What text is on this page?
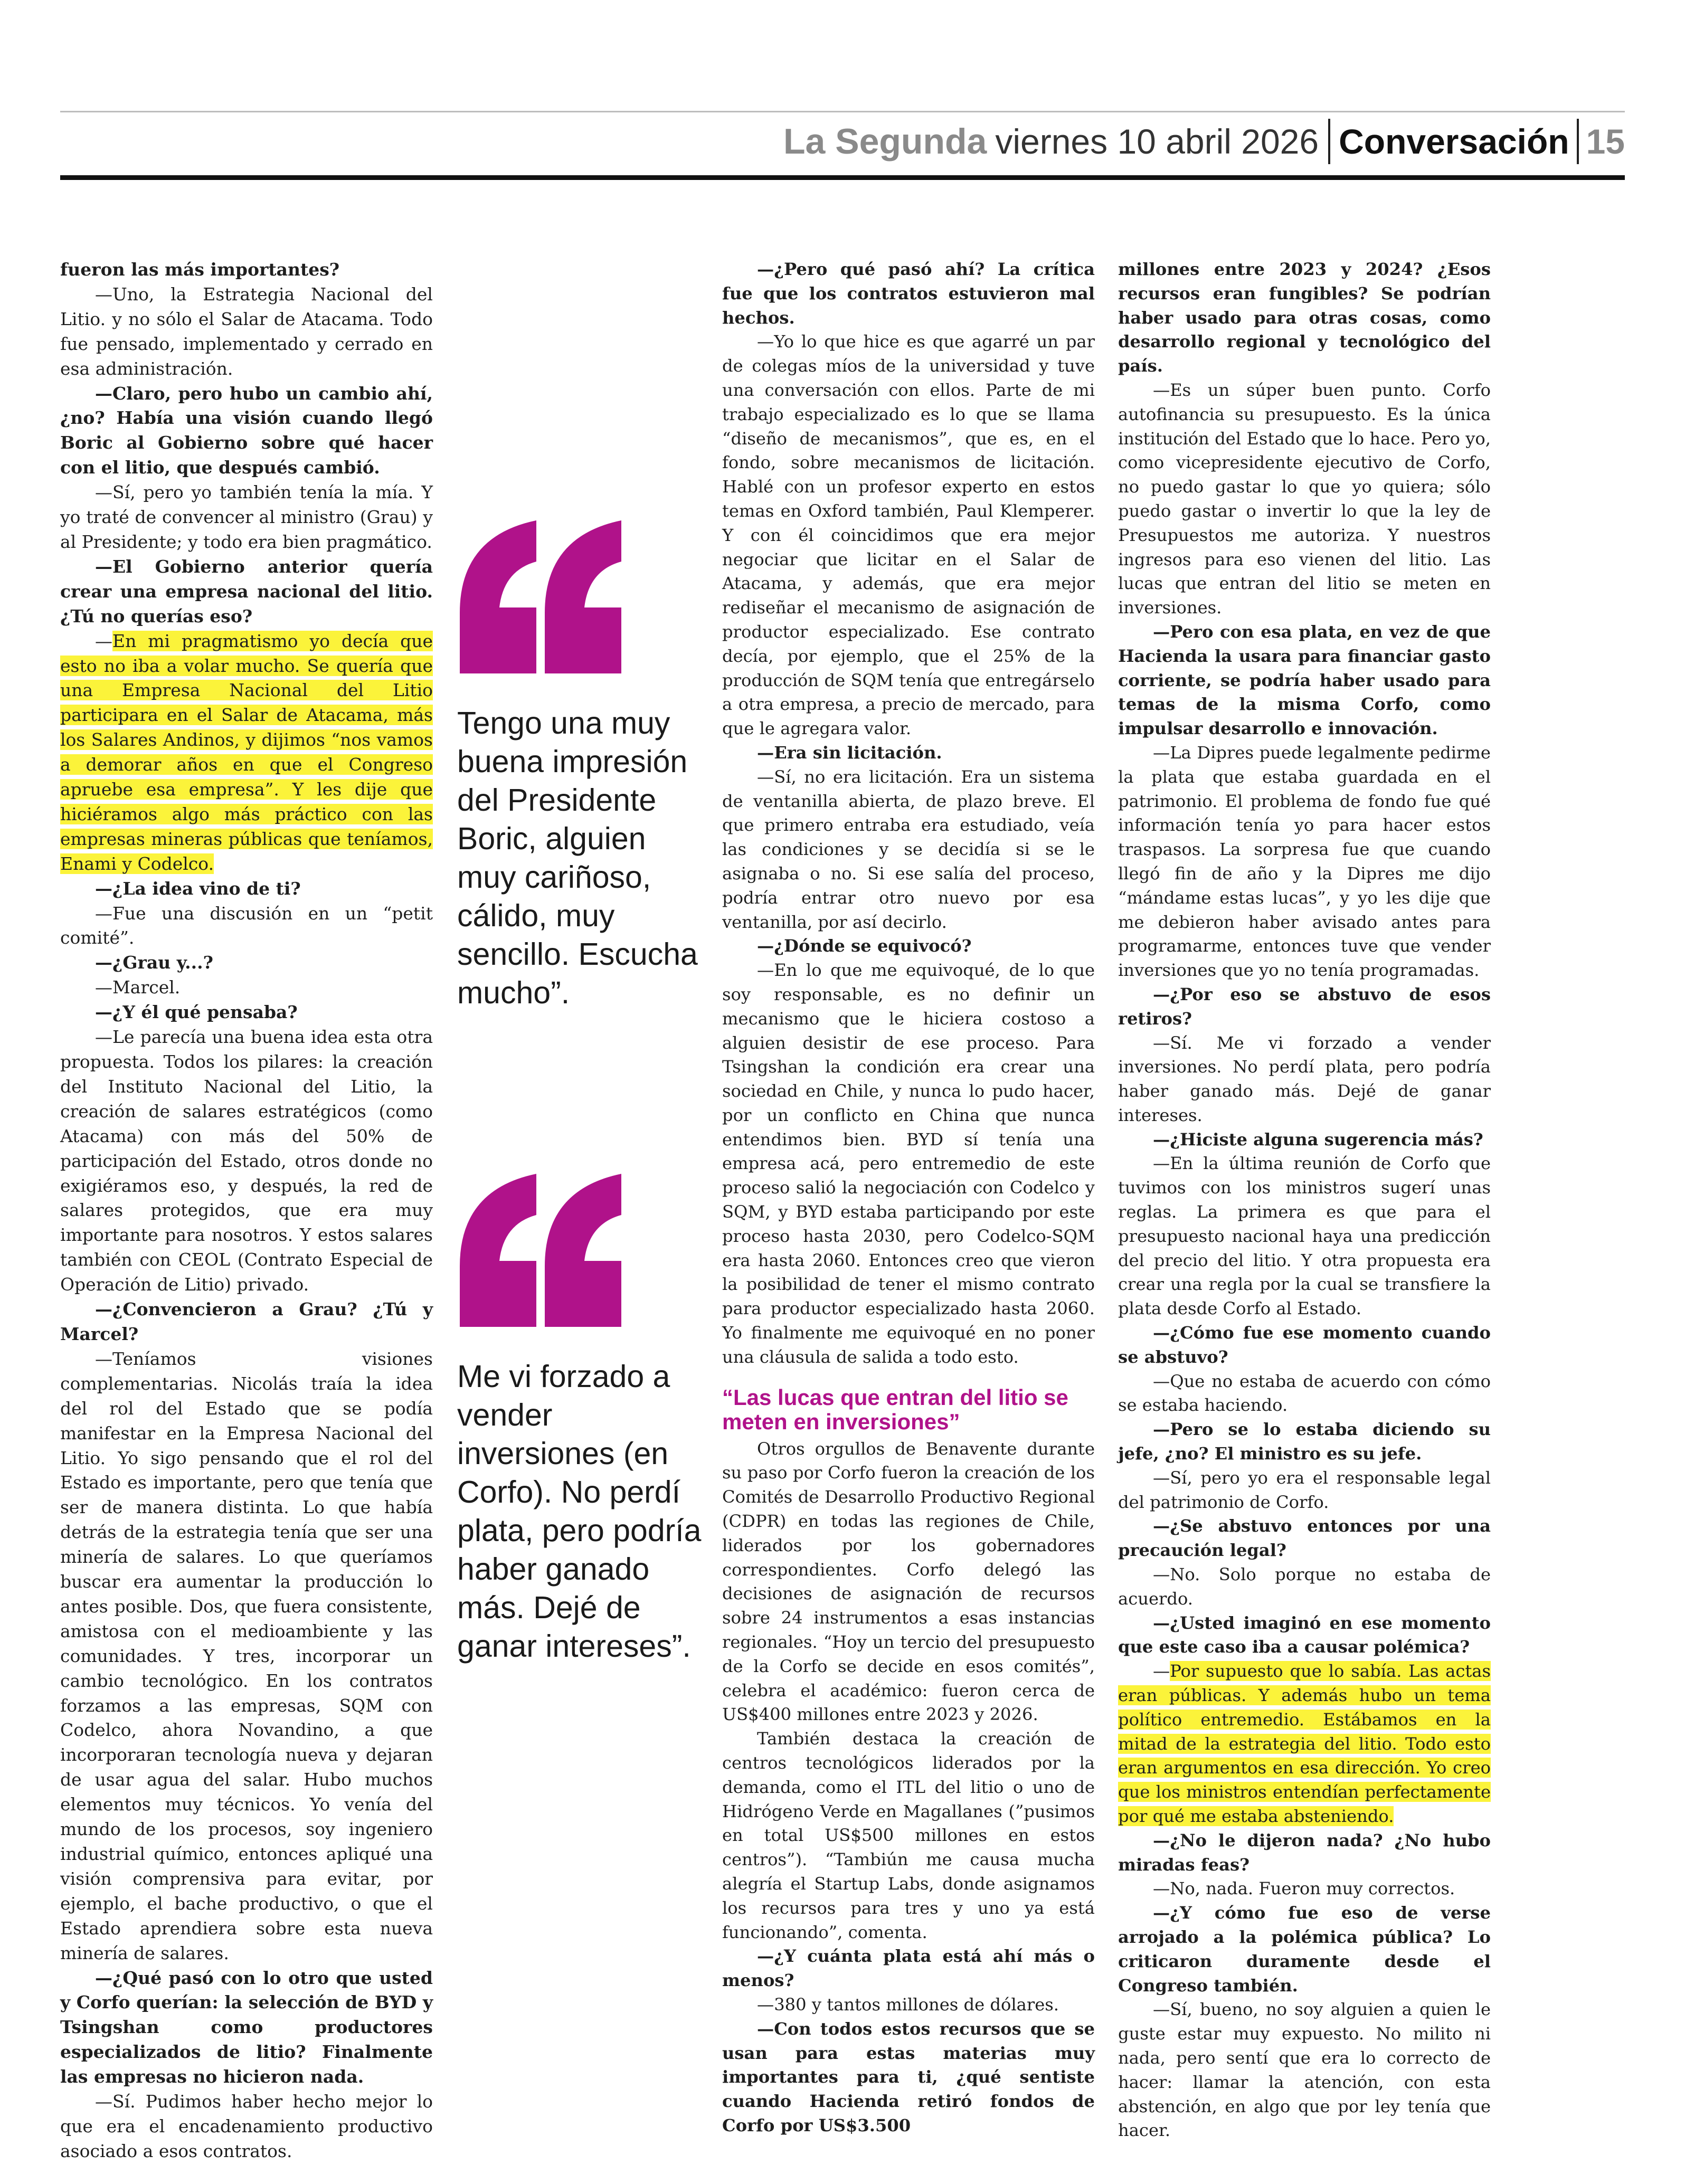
La Segunda viernes 10 abril 2026 Conversación 15

fueron las más importantes?

—Uno, la Estrategia Nacional del Litio. y no sólo el Salar de Atacama. Todo fue pensado, implementado y cerrado en esa administración.

—Claro, pero hubo un cambio ahí, ¿no? Había una visión cuando llegó Boric al Gobierno sobre qué hacer con el litio, que después cambió.

—Sí, pero yo también tenía la mía. Y yo traté de convencer al ministro (Grau) y al Presidente; y todo era bien pragmático.

—El Gobierno anterior quería crear una empresa nacional del litio. ¿Tú no querías eso?

—En mi pragmatismo yo decía que esto no iba a volar mucho. Se quería que una Empresa Nacional del Litio participara en el Salar de Atacama, más los Salares Andinos, y dijimos “nos vamos a demorar años en que el Congreso apruebe esa empresa”. Y les dije que hiciéramos algo más práctico con las empresas mineras públicas que teníamos, Enami y Codelco.

—¿La idea vino de ti?

—Fue una discusión en un “petit comité”.

—¿Grau y...?

—Marcel.

—¿Y él qué pensaba?

—Le parecía una buena idea esta otra propuesta. Todos los pilares: la creación del Instituto Nacional del Litio, la creación de salares estratégicos (como Atacama) con más del 50% de participación del Estado, otros donde no exigiéramos eso, y después, la red de salares protegidos, que era muy importante para nosotros. Y estos salares también con CEOL (Contrato Especial de Operación de Litio) privado.

—¿Convencieron a Grau? ¿Tú y Marcel?

—Teníamos visiones complementarias. Nicolás traía la idea del rol del Estado que se podía manifestar en la Empresa Nacional del Litio. Yo sigo pensando que el rol del Estado es importante, pero que tenía que ser de manera distinta. Lo que había detrás de la estrategia tenía que ser una minería de salares. Lo que queríamos buscar era aumentar la producción lo antes posible. Dos, que fuera consistente, amistosa con el medioambiente y las comunidades. Y tres, incorporar un cambio tecnológico. En los contratos forzamos a las empresas, SQM con Codelco, ahora Novandino, a que incorporaran tecnología nueva y dejaran de usar agua del salar. Hubo muchos elementos muy técnicos. Yo venía del mundo de los procesos, soy ingeniero industrial químico, entonces apliqué una visión comprensiva para evitar, por ejemplo, el bache productivo, o que el Estado aprendiera sobre esta nueva minería de salares.

—¿Qué pasó con lo otro que usted y Corfo querían: la selección de BYD y Tsingshan como productores especializados de litio? Finalmente las empresas no hicieron nada.

—Sí. Pudimos haber hecho mejor lo que era el encadenamiento productivo asociado a esos contratos.

Tengo una muy buena impresión del Presidente Boric, alguien muy cariñoso, cálido, muy sencillo. Escucha mucho”.
Me vi forzado a vender inversiones (en Corfo). No perdí plata, pero podría haber ganado más. Dejé de ganar intereses”.

—¿Pero qué pasó ahí? La crítica fue que los contratos estuvieron mal hechos.

—Yo lo que hice es que agarré un par de colegas míos de la universidad y tuve una conversación con ellos. Parte de mi trabajo especializado es lo que se llama “diseño de mecanismos”, que es, en el fondo, sobre mecanismos de licitación. Hablé con un profesor experto en estos temas en Oxford también, Paul Klemperer. Y con él coincidimos que era mejor negociar que licitar en el Salar de Atacama, y además, que era mejor rediseñar el mecanismo de asignación de productor especializado. Ese contrato decía, por ejemplo, que el 25% de la producción de SQM tenía que entregárselo a otra empresa, a precio de mercado, para que le agregara valor.

—Era sin licitación.

—Sí, no era licitación. Era un sistema de ventanilla abierta, de plazo breve. El que primero entraba era estudiado, veía las condiciones y se decidía si se le asignaba o no. Si ese salía del proceso, podría entrar otro nuevo por esa ventanilla, por así decirlo.

—¿Dónde se equivocó?

—En lo que me equivoqué, de lo que soy responsable, es no definir un mecanismo que le hiciera costoso a alguien desistir de ese proceso. Para Tsingshan la condición era crear una sociedad en Chile, y nunca lo pudo hacer, por un conflicto en China que nunca entendimos bien. BYD sí tenía una empresa acá, pero entremedio de este proceso salió la negociación con Codelco y SQM, y BYD estaba participando por este proceso hasta 2030, pero Codelco-SQM era hasta 2060. Entonces creo que vieron la posibilidad de tener el mismo contrato para productor especializado hasta 2060. Yo finalmente me equivoqué en no poner una cláusula de salida a todo esto.

“Las lucas que entran del litio se meten en inversiones”

Otros orgullos de Benavente durante su paso por Corfo fueron la creación de los Comités de Desarrollo Productivo Regional (CDPR) en todas las regiones de Chile, liderados por los gobernadores correspondientes. Corfo delegó las decisiones de asignación de recursos sobre 24 instrumentos a esas instancias regionales. “Hoy un tercio del presupuesto de la Corfo se decide en esos comités”, celebra el académico: fueron cerca de US$400 millones entre 2023 y 2026.

También destaca la creación de centros tecnológicos liderados por la demanda, como el ITL del litio o uno de Hidrógeno Verde en Magallanes (”pusimos en total US$500 millones en estos centros”). “Tambiún me causa mucha alegría el Startup Labs, donde asignamos los recursos para tres y uno ya está funcionando”, comenta.

—¿Y cuánta plata está ahí más o menos?

—380 y tantos millones de dólares.

—Con todos estos recursos que se usan para estas materias muy importantes para ti, ¿qué sentiste cuando Hacienda retiró fondos de Corfo por US$3.500

millones entre 2023 y 2024? ¿Esos recursos eran fungibles? Se podrían haber usado para otras cosas, como desarrollo regional y tecnológico del país.

—Es un súper buen punto. Corfo autofinancia su presupuesto. Es la única institución del Estado que lo hace. Pero yo, como vicepresidente ejecutivo de Corfo, no puedo gastar lo que yo quiera; sólo puedo gastar o invertir lo que la ley de Presupuestos me autoriza. Y nuestros ingresos para eso vienen del litio. Las lucas que entran del litio se meten en inversiones.

—Pero con esa plata, en vez de que Hacienda la usara para financiar gasto corriente, se podría haber usado para temas de la misma Corfo, como impulsar desarrollo e innovación.

—La Dipres puede legalmente pedirme la plata que estaba guardada en el patrimonio. El problema de fondo fue qué información tenía yo para hacer estos traspasos. La sorpresa fue que cuando llegó fin de año y la Dipres me dijo “mándame estas lucas”, y yo les dije que me debieron haber avisado antes para programarme, entonces tuve que vender inversiones que yo no tenía programadas.

—¿Por eso se abstuvo de esos retiros?

—Sí. Me vi forzado a vender inversiones. No perdí plata, pero podría haber ganado más. Dejé de ganar intereses.

—¿Hiciste alguna sugerencia más?

—En la última reunión de Corfo que tuvimos con los ministros sugerí unas reglas. La primera es que para el presupuesto nacional haya una predicción del precio del litio. Y otra propuesta era crear una regla por la cual se transfiere la plata desde Corfo al Estado.

—¿Cómo fue ese momento cuando se abstuvo?

—Que no estaba de acuerdo con cómo se estaba haciendo.

—Pero se lo estaba diciendo su jefe, ¿no? El ministro es su jefe.

—Sí, pero yo era el responsable legal del patrimonio de Corfo.

—¿Se abstuvo entonces por una precaución legal?

—No. Solo porque no estaba de acuerdo.

—¿Usted imaginó en ese momento que este caso iba a causar polémica?

—Por supuesto que lo sabía. Las actas eran públicas. Y además hubo un tema político entremedio. Estábamos en la mitad de la estrategia del litio. Todo esto eran argumentos en esa dirección. Yo creo que los ministros entendían perfectamente por qué me estaba absteniendo.

—¿No le dijeron nada? ¿No hubo miradas feas?

—No, nada. Fueron muy correctos.

—¿Y cómo fue eso de verse arrojado a la polémica pública? Lo criticaron duramente desde el Congreso también.

—Sí, bueno, no soy alguien a quien le guste estar muy expuesto. No milito ni nada, pero sentí que era lo correcto de hacer: llamar la atención, con esta abstención, en algo que por ley tenía que hacer.
